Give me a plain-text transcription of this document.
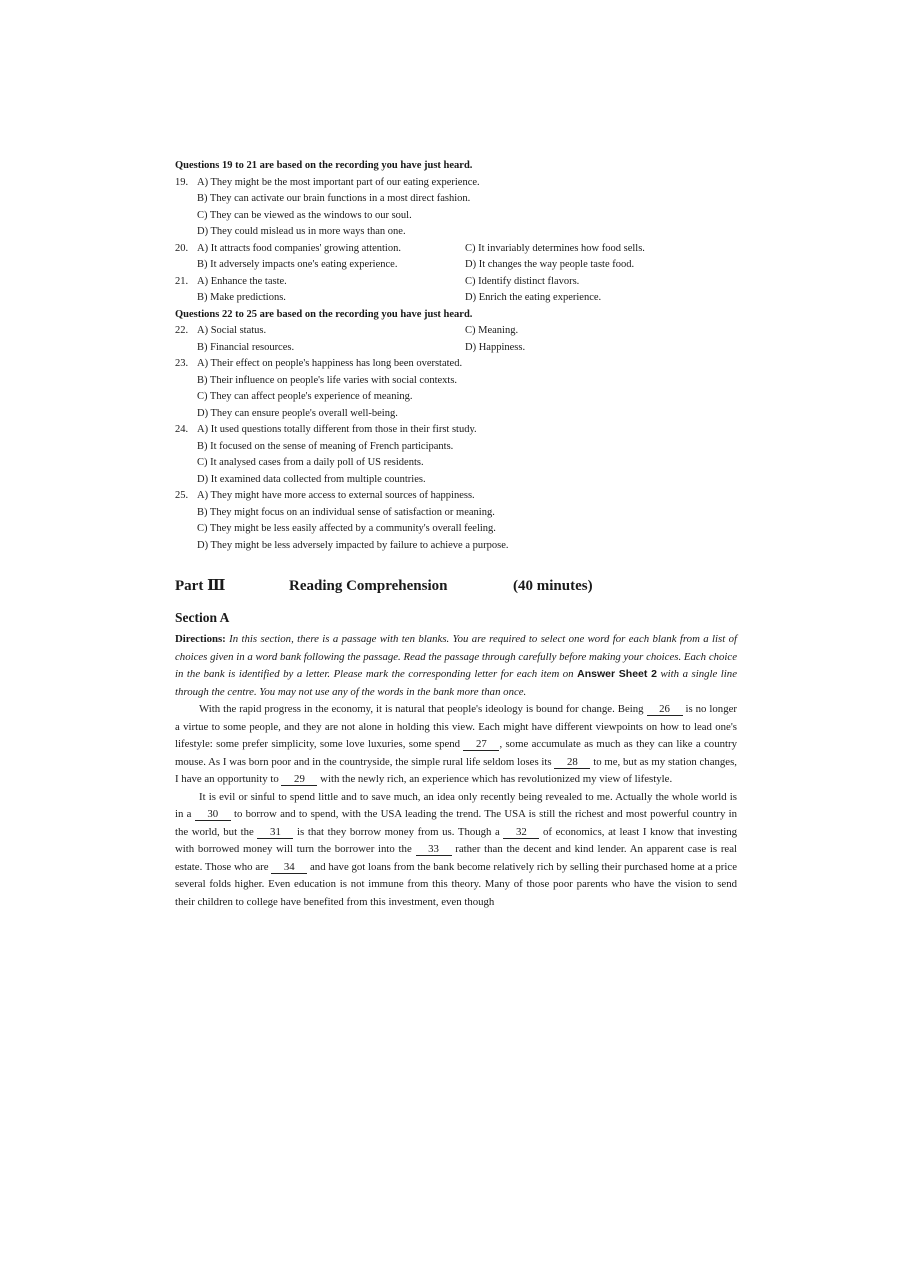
Questions 19 to 21 are based on the recording you have just heard.
19. A) They might be the most important part of our eating experience.
B) They can activate our brain functions in a most direct fashion.
C) They can be viewed as the windows to our soul.
D) They could mislead us in more ways than one.
20. A) It attracts food companies' growing attention.	C) It invariably determines how food sells.
B) It adversely impacts one's eating experience.	D) It changes the way people taste food.
21. A) Enhance the taste.	C) Identify distinct flavors.
B) Make predictions.	D) Enrich the eating experience.
Questions 22 to 25 are based on the recording you have just heard.
22. A) Social status.	C) Meaning.
B) Financial resources.	D) Happiness.
23. A) Their effect on people's happiness has long been overstated.
B) Their influence on people's life varies with social contexts.
C) They can affect people's experience of meaning.
D) They can ensure people's overall well-being.
24. A) It used questions totally different from those in their first study.
B) It focused on the sense of meaning of French participants.
C) It analysed cases from a daily poll of US residents.
D) It examined data collected from multiple countries.
25. A) They might have more access to external sources of happiness.
B) They might focus on an individual sense of satisfaction or meaning.
C) They might be less easily affected by a community's overall feeling.
D) They might be less adversely impacted by failure to achieve a purpose.
Part Ⅲ	Reading Comprehension	(40 minutes)
Section A
Directions: In this section, there is a passage with ten blanks. You are required to select one word for each blank from a list of choices given in a word bank following the passage. Read the passage through carefully before making your choices. Each choice in the bank is identified by a letter. Please mark the corresponding letter for each item on Answer Sheet 2 with a single line through the centre. You may not use any of the words in the bank more than once.
With the rapid progress in the economy, it is natural that people's ideology is bound for change. Being 26 is no longer a virtue to some people, and they are not alone in holding this view. Each might have different viewpoints on how to lead one's lifestyle: some prefer simplicity, some love luxuries, some spend 27 , some accumulate as much as they can like a country mouse. As I was born poor and in the countryside, the simple rural life seldom loses its 28 to me, but as my station changes, I have an opportunity to 29 with the newly rich, an experience which has revolutionized my view of lifestyle.
It is evil or sinful to spend little and to save much, an idea only recently being revealed to me. Actually the whole world is in a 30 to borrow and to spend, with the USA leading the trend. The USA is still the richest and most powerful country in the world, but the 31 is that they borrow money from us. Though a 32 of economics, at least I know that investing with borrowed money will turn the borrower into the 33 rather than the decent and kind lender. An apparent case is real estate. Those who are 34 and have got loans from the bank become relatively rich by selling their purchased home at a price several folds higher. Even education is not immune from this theory. Many of those poor parents who have the vision to send their children to college have benefited from this investment, even though
